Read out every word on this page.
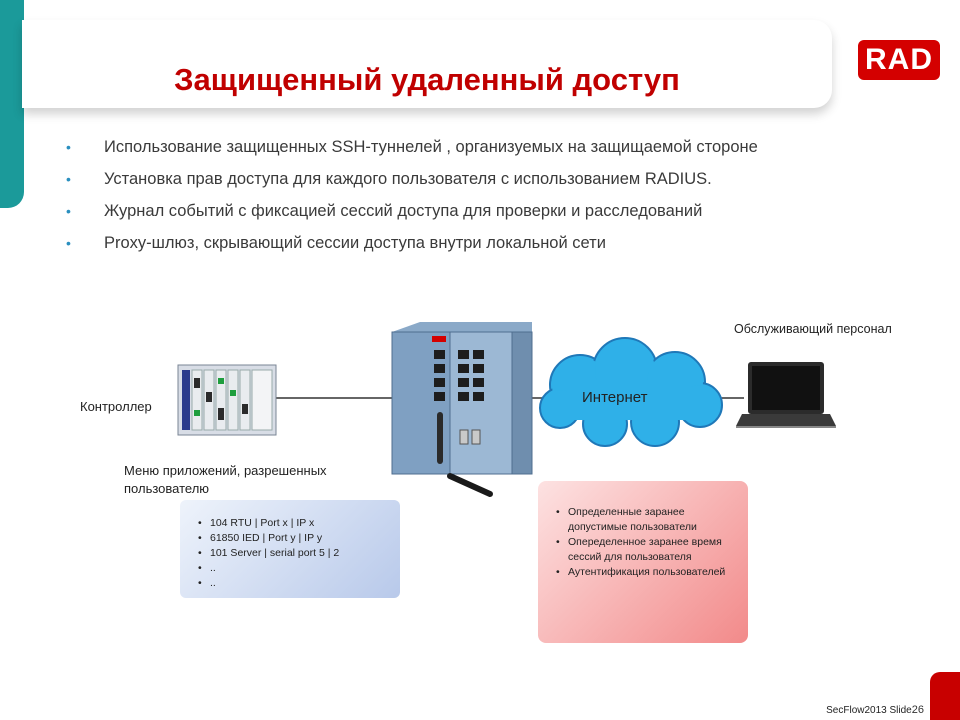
Защищенный удаленный доступ
RAD
• Использование защищенных SSH-туннелей , организуемых на защищаемой стороне
• Установка прав доступа для каждого пользователя с использованием RADIUS.
• Журнал событий с фиксацией сессий доступа для проверки и расследований
• Proxy-шлюз, скрывающий сессии доступа внутри локальной сети
Контроллер
Интернет
Обслуживающий персонал
Меню приложений, разрешенных пользователю
• 104 RTU | Port x | IP x
• 61850 IED | Port y | IP y
• 101 Server | serial port 5 | 2
• ..
• ..
• Определенные заранее допустимые пользователи
• Опеределенное заранее время сессий для пользователя
• Аутентификация пользователей
SecFlow2013 Slide26
